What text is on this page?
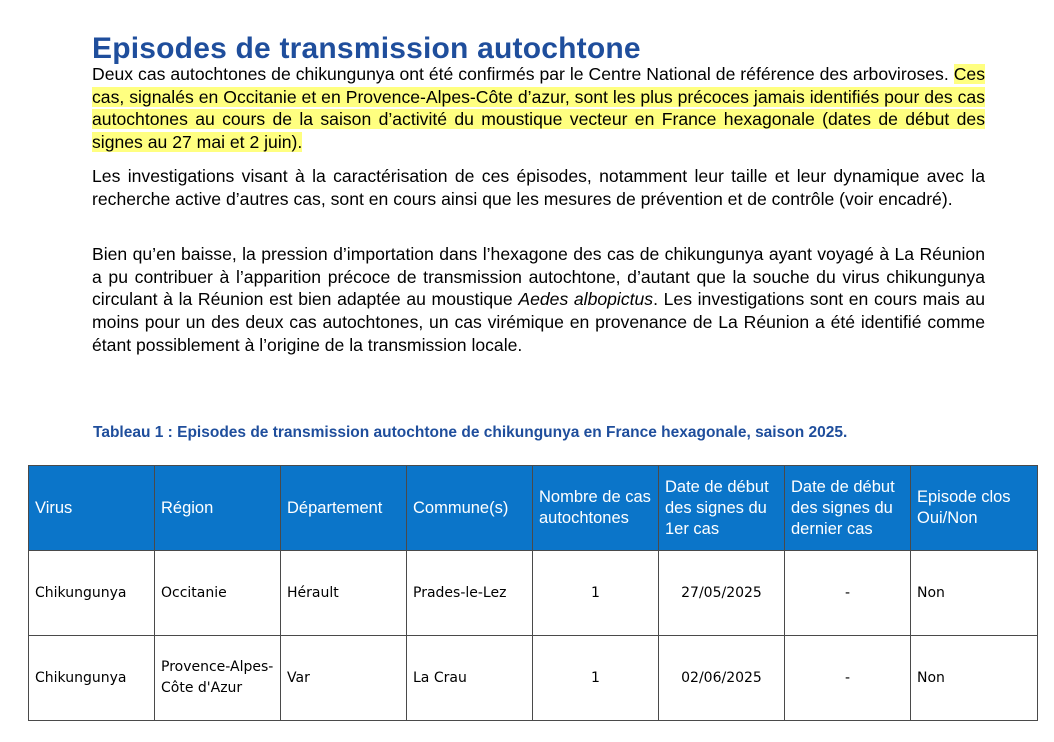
Episodes de transmission autochtone

Deux cas autochtones de chikungunya ont été confirmés par le Centre National de référence des arboviroses. Ces cas, signalés en Occitanie et en Provence-Alpes-Côte d’azur, sont les plus précoces jamais identifiés pour des cas autochtones au cours de la saison d’activité du moustique vecteur en France hexagonale (dates de début des signes au 27 mai et 2 juin).

Les investigations visant à la caractérisation de ces épisodes, notamment leur taille et leur dynamique avec la recherche active d’autres cas, sont en cours ainsi que les mesures de prévention et de contrôle (voir encadré).

Bien qu’en baisse, la pression d’importation dans l’hexagone des cas de chikungunya ayant voyagé à La Réunion a pu contribuer à l’apparition précoce de transmission autochtone, d’autant que la souche du virus chikungunya circulant à la Réunion est bien adaptée au moustique Aedes albopictus. Les investigations sont en cours mais au moins pour un des deux cas autochtones, un cas virémique en provenance de La Réunion a été identifié comme étant possiblement à l’origine de la transmission locale.

Tableau 1 : Episodes de transmission autochtone de chikungunya en France hexagonale, saison 2025.
Virus	Région	Département	Commune(s)	Nombre de cas autochtones	Date de début des signes du 1er cas	Date de début des signes du dernier cas	Episode clos Oui/Non
Chikungunya	Occitanie	Hérault	Prades-le-Lez	1	27/05/2025	-	Non
Chikungunya	Provence-Alpes-Côte d'Azur	Var	La Crau	1	02/06/2025	-	Non
